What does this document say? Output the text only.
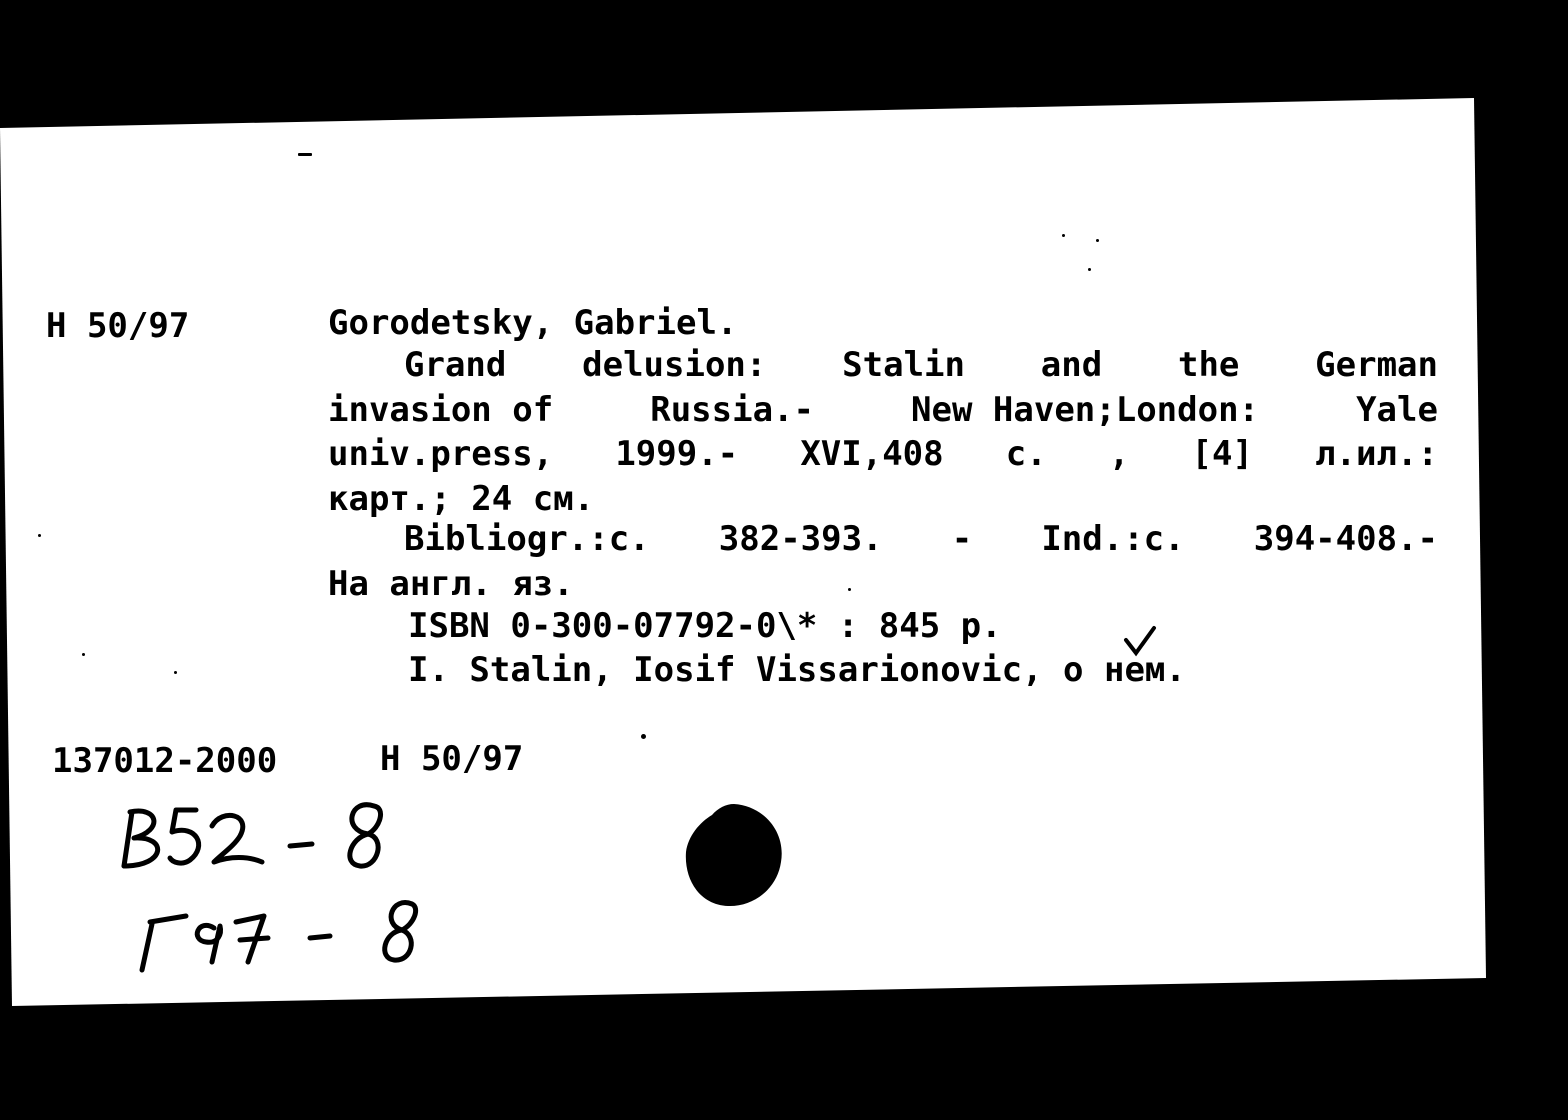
Н 50/97	Gorodetsky, Gabriel.

Grand delusion: Stalin and the German
invasion of	Russia.-	New Haven;London:	Yale
univ.press, 1999.- XVI,408 с. , [4] л.ил.:

карт.; 24 см.

Bibliogr.:c. 382-393. - Ind.:c. 394-408.-

На англ. яз.

ISBN 0-300-07792-0\* : 845 р.

I. Stalin, Iosif Vissarionovic, о нем.

137012-2000	Н 50/97
